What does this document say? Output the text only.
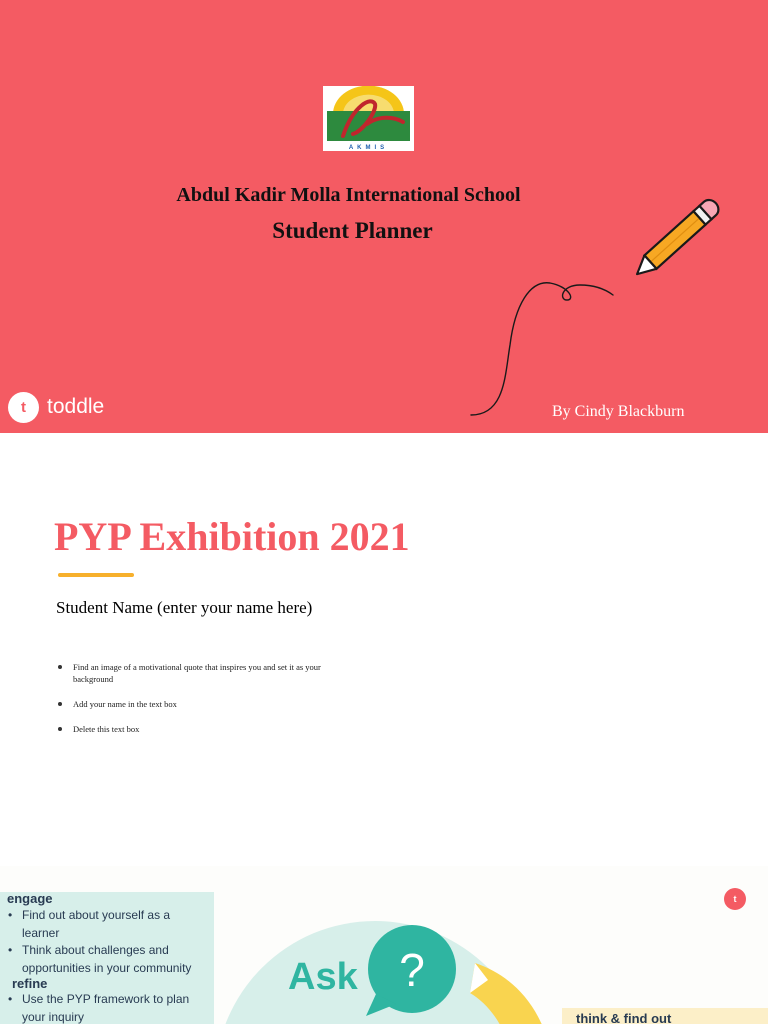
AKMIS
Abdul Kadir Molla International School
Student Planner
t	toddle	By Cindy Blackburn
PYP Exhibition 2021
Student Name (enter your name here)
Find an image of a motivational quote that inspires you and set it as your background
Add your name in the text box
Delete this text box
engage
• Find out about yourself as a learner
• Think about challenges and opportunities in your community
refine
• Use the PYP framework to plan your inquiry
Ask ?
t
think & find out
